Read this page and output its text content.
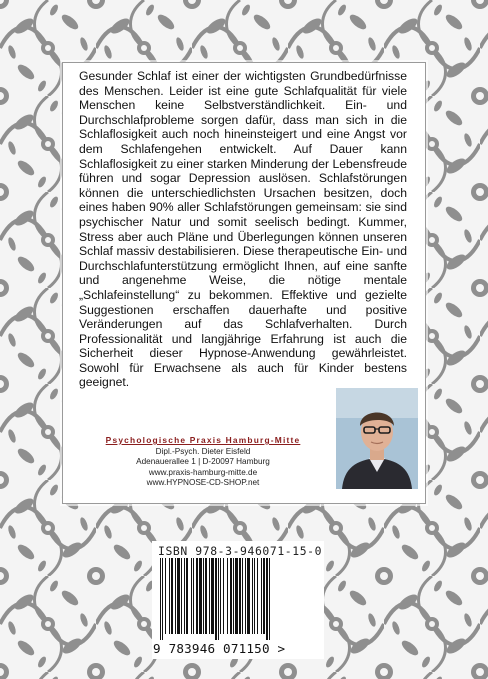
Gesunder Schlaf ist einer der wichtigsten Grundbedürfnisse des Menschen. Leider ist eine gute Schlafqualität für viele Menschen keine Selbstverständlichkeit. Ein- und Durchschlafprobleme sorgen dafür, dass man sich in die Schlaflosigkeit auch noch hineinsteigert und eine Angst vor dem Schlafengehen entwickelt. Auf Dauer kann Schlaflosigkeit zu einer starken Minderung der Lebensfreude führen und sogar Depression auslösen. Schlafstörungen können die unterschiedlichsten Ursachen besitzen, doch eines haben 90% aller Schlafstörungen gemeinsam: sie sind psychischer Natur und somit seelisch bedingt. Kummer, Stress aber auch Pläne und Überlegungen können unseren Schlaf massiv destabilisieren. Diese therapeutische Ein- und Durchschlafunterstützung ermöglicht Ihnen, auf eine sanfte und angenehme Weise, die nötige mentale „Schlafeinstellung“ zu bekommen. Effektive und gezielte Suggestionen erschaffen dauerhafte und positive Veränderungen auf das Schlafverhalten. Durch Professionalität und langjährige Erfahrung ist auch die Sicherheit dieser Hypnose-Anwendung gewährleistet. Sowohl für Erwachsene als auch für Kinder bestens geeignet.

Psychologische Praxis Hamburg-Mitte
Dipl.-Psych. Dieter Eisfeld
Adenauerallee 1 | D-20097 Hamburg
www.praxis-hamburg-mitte.de
www.HYPNOSE-CD-SHOP.net
ISBN 978-3-946071-15-0
9 783946 071150 >
